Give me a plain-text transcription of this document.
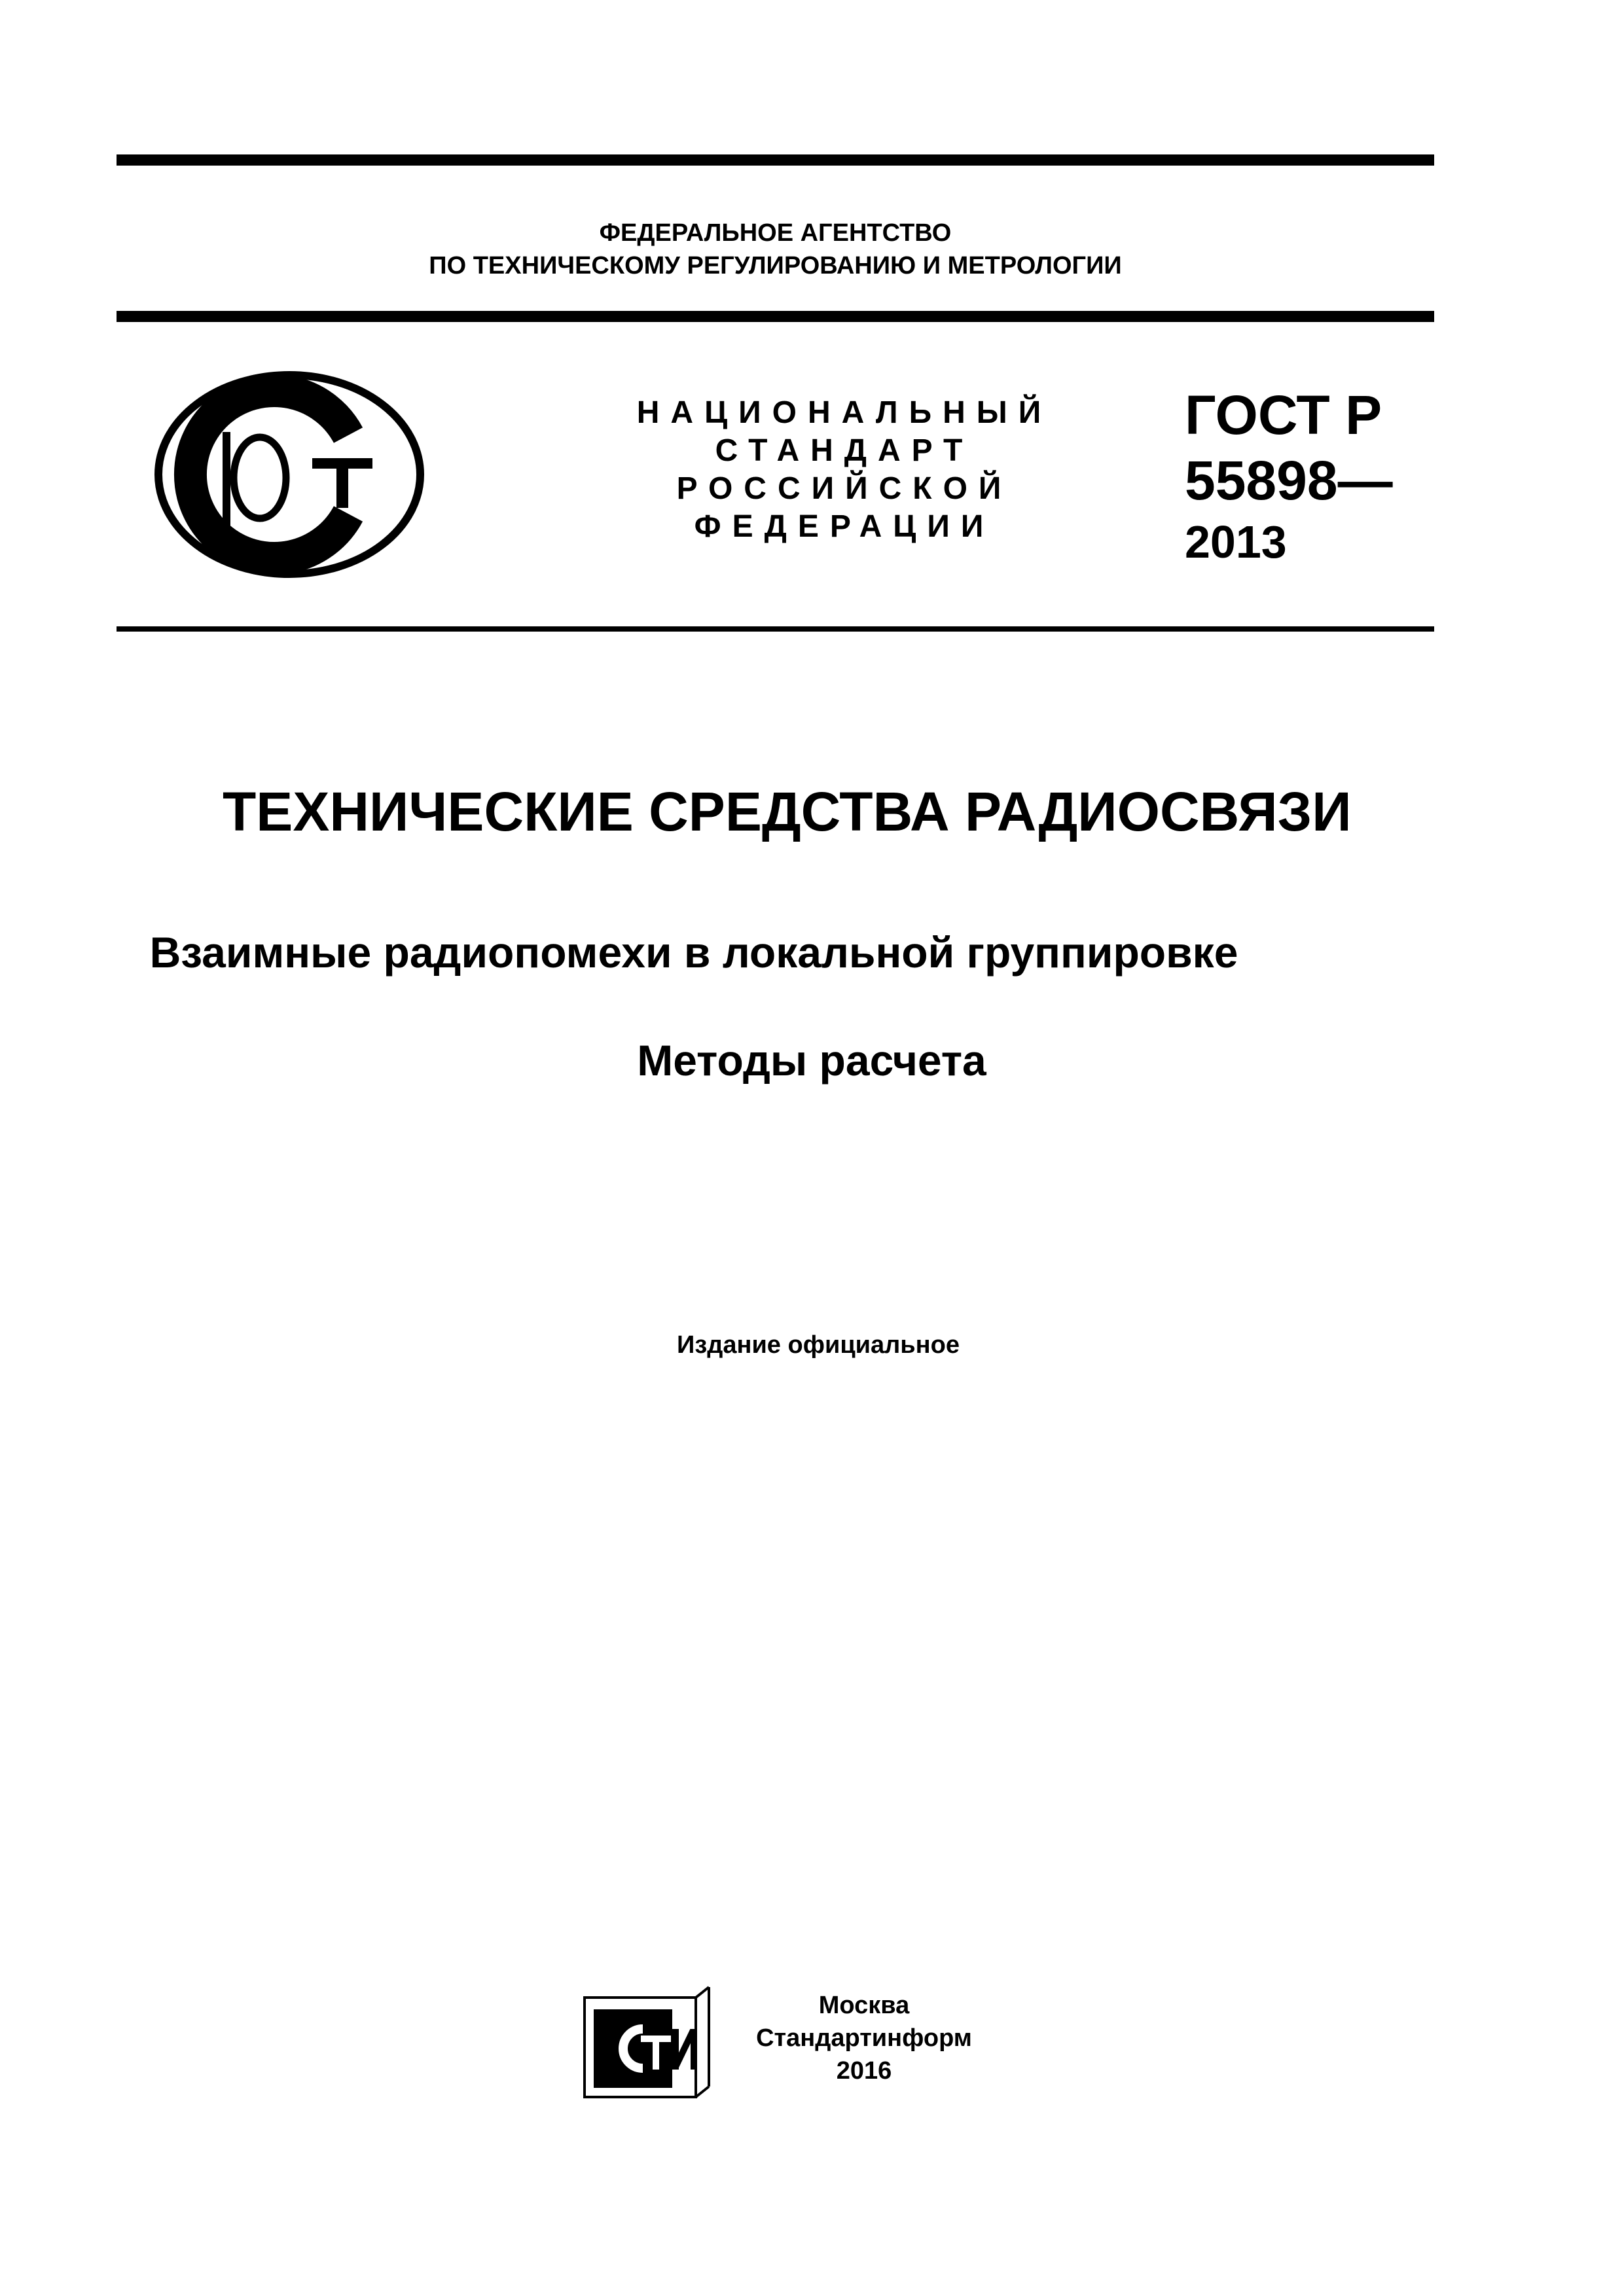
ФЕДЕРАЛЬНОЕ АГЕНТСТВО
ПО ТЕХНИЧЕСКОМУ РЕГУЛИРОВАНИЮ И МЕТРОЛОГИИ
НАЦИОНАЛЬНЫЙ
СТАНДАРТ
РОССИЙСКОЙ
ФЕДЕРАЦИИ
ГОСТ Р
55898—
2013
ТЕХНИЧЕСКИЕ СРЕДСТВА РАДИОСВЯЗИ
Взаимные радиопомехи в локальной группировке
Методы расчета
Издание официальное
Москва
Стандартинформ
2016
